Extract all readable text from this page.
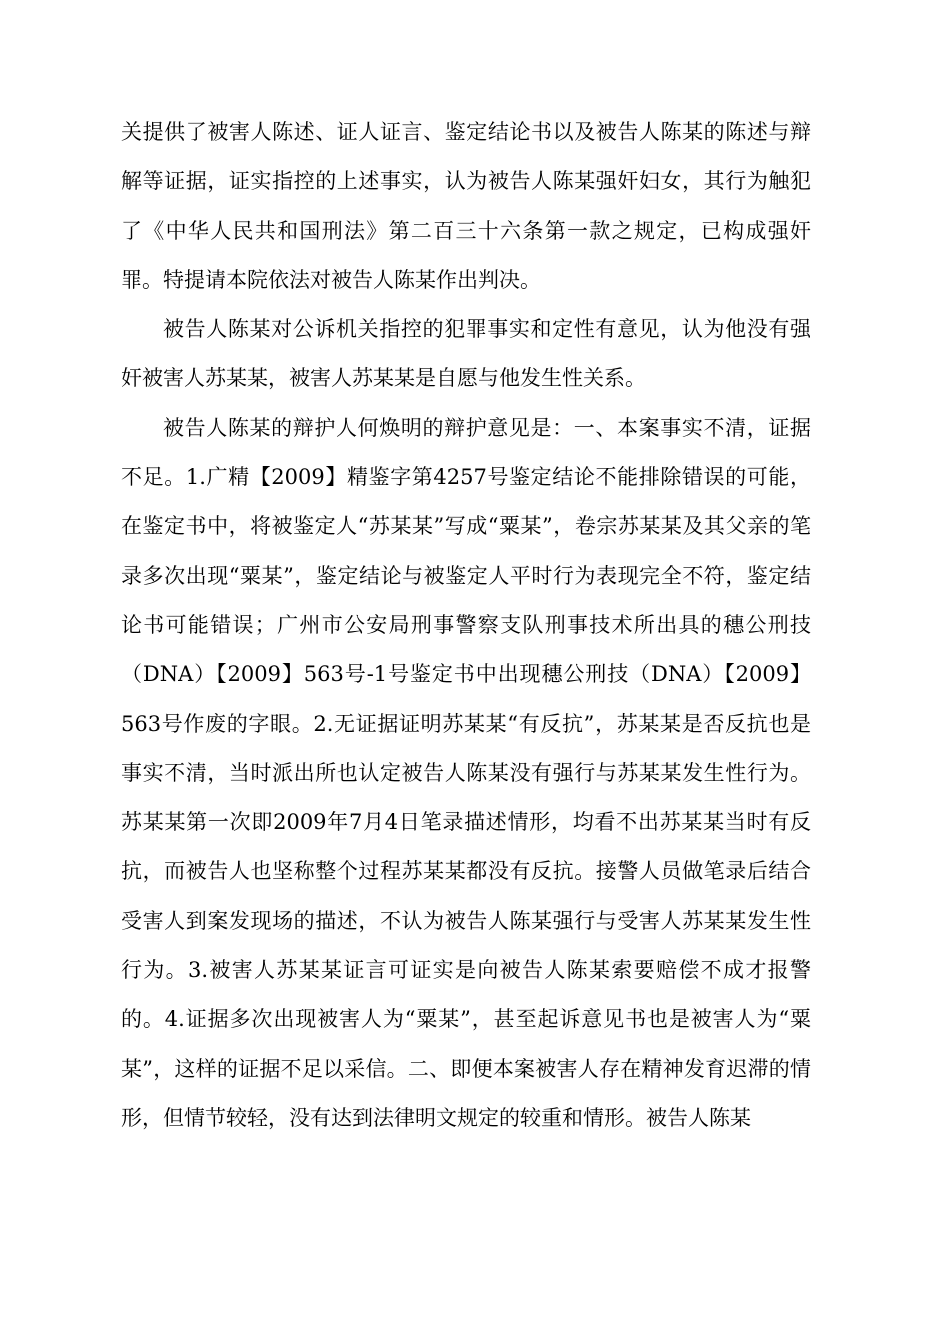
关提供了被害人陈述、证人证言、鉴定结论书以及被告人陈某的陈述与辩解等证据，证实指控的上述事实，认为被告人陈某强奸妇女，其行为触犯了《中华人民共和国刑法》第二百三十六条第一款之规定，已构成强奸罪。特提请本院依法对被告人陈某作出判决。

被告人陈某对公诉机关指控的犯罪事实和定性有意见，认为他没有强奸被害人苏某某，被害人苏某某是自愿与他发生性关系。

被告人陈某的辩护人何焕明的辩护意见是：一、本案事实不清，证据不足。1.广精【2009】精鉴字第4257号鉴定结论不能排除错误的可能，在鉴定书中，将被鉴定人“苏某某”写成“粟某”，卷宗苏某某及其父亲的笔录多次出现“粟某”，鉴定结论与被鉴定人平时行为表现完全不符，鉴定结论书可能错误；广州市公安局刑事警察支队刑事技术所出具的穗公刑技（DNA）【2009】563号-1号鉴定书中出现穗公刑技（DNA）【2009】563号作废的字眼。2.无证据证明苏某某“有反抗”，苏某某是否反抗也是事实不清，当时派出所也认定被告人陈某没有强行与苏某某发生性行为。苏某某第一次即2009年7月4日笔录描述情形，均看不出苏某某当时有反抗，而被告人也坚称整个过程苏某某都没有反抗。接警人员做笔录后结合受害人到案发现场的描述，不认为被告人陈某强行与受害人苏某某发生性行为。3.被害人苏某某证言可证实是向被告人陈某索要赔偿不成才报警的。4.证据多次出现被害人为“粟某”，甚至起诉意见书也是被害人为“粟某”，这样的证据不足以采信。二、即便本案被害人存在精神发育迟滞的情形，但情节较轻，没有达到法律明文规定的较重和情形。被告人陈某
